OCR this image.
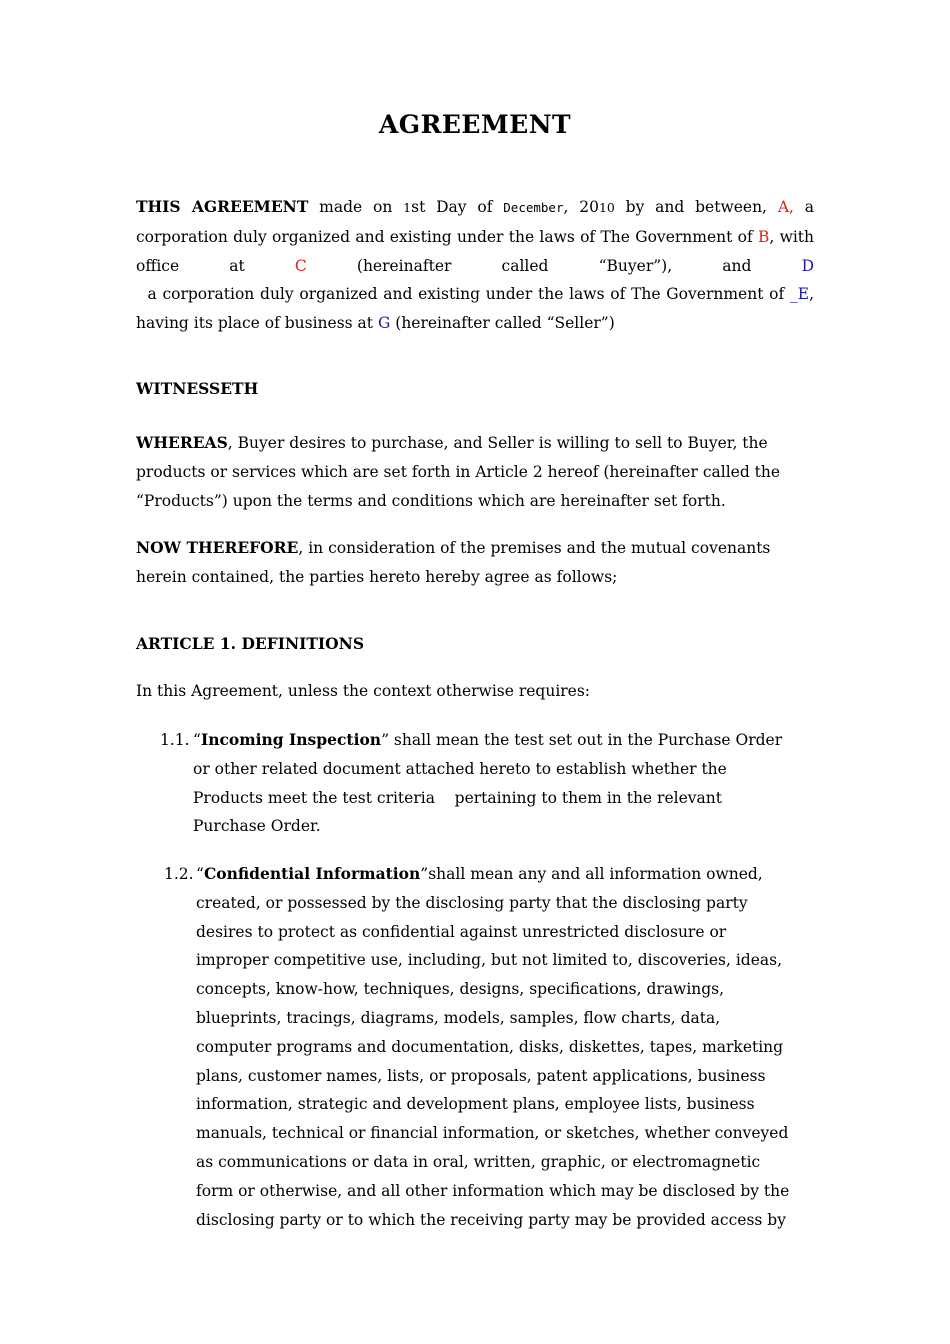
AGREEMENT
THIS AGREEMENT made on 1st Day of December, 2010 by and between, A, a corporation duly organized and existing under the laws of The Government of B, with office at C (hereinafter called “Buyer”), and D  a corporation duly organized and existing under the laws of The Government of _E, having its place of business at G (hereinafter called “Seller”)
WITNESSETH
WHEREAS, Buyer desires to purchase, and Seller is willing to sell to Buyer, the products or services which are set forth in Article 2 hereof (hereinafter called the “Products”) upon the terms and conditions which are hereinafter set forth.
NOW THEREFORE, in consideration of the premises and the mutual covenants herein contained, the parties hereto hereby agree as follows;
ARTICLE 1. DEFINITIONS
In this Agreement, unless the context otherwise requires:
1.1. “Incoming Inspection” shall mean the test set out in the Purchase Order
or other related document attached hereto to establish whether the
Products meet the test criteria    pertaining to them in the relevant
Purchase Order.
1.2. “Confidential Information”shall mean any and all information owned,
created, or possessed by the disclosing party that the disclosing party
desires to protect as confidential against unrestricted disclosure or
improper competitive use, including, but not limited to, discoveries, ideas,
concepts, know-how, techniques, designs, specifications, drawings,
blueprints, tracings, diagrams, models, samples, flow charts, data,
computer programs and documentation, disks, diskettes, tapes, marketing
plans, customer names, lists, or proposals, patent applications, business
information, strategic and development plans, employee lists, business
manuals, technical or financial information, or sketches, whether conveyed
as communications or data in oral, written, graphic, or electromagnetic
form or otherwise, and all other information which may be disclosed by the
disclosing party or to which the receiving party may be provided access by
